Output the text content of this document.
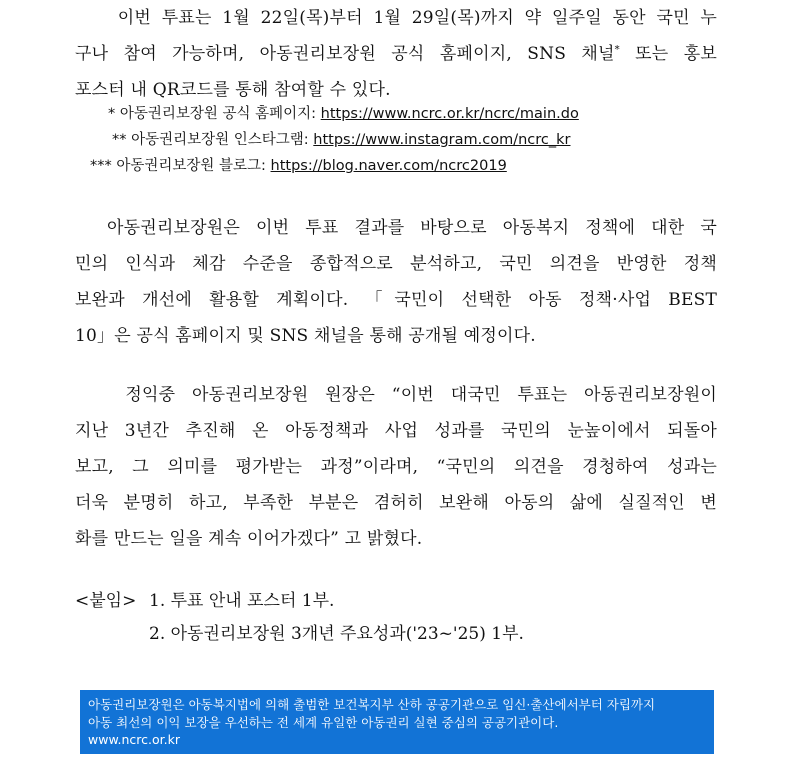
이번 투표는 1월 22일(목)부터 1월 29일(목)까지 약 일주일 동안 국민 누
구나 참여 가능하며, 아동권리보장원 공식 홈페이지, SNS 채널* 또는 홍보
포스터 내 QR코드를 통해 참여할 수 있다.
* 아동권리보장원 공식 홈페이지: https://www.ncrc.or.kr/ncrc/main.do
** 아동권리보장원 인스타그램: https://www.instagram.com/ncrc_kr
*** 아동권리보장원 블로그: https://blog.naver.com/ncrc2019
아동권리보장원은 이번 투표 결과를 바탕으로 아동복지 정책에 대한 국
민의 인식과 체감 수준을 종합적으로 분석하고, 국민 의견을 반영한 정책
보완과 개선에 활용할 계획이다. 「국민이 선택한 아동 정책·사업 BEST
10」은 공식 홈페이지 및 SNS 채널을 통해 공개될 예정이다.
정익중 아동권리보장원 원장은 “이번 대국민 투표는 아동권리보장원이
지난 3년간 추진해 온 아동정책과 사업 성과를 국민의 눈높이에서 되돌아
보고, 그 의미를 평가받는 과정”이라며, “국민의 의견을 경청하여 성과는
더욱 분명히 하고, 부족한 부분은 겸허히 보완해 아동의 삶에 실질적인 변
화를 만드는 일을 계속 이어가겠다” 고 밝혔다.
<붙임> 1. 투표 안내 포스터 1부.
2. 아동권리보장원 3개년 주요성과('23~'25) 1부.
아동권리보장원은 아동복지법에 의해 출범한 보건복지부 산하 공공기관으로 임신·출산에서부터 자립까지
아동 최선의 이익 보장을 우선하는 전 세계 유일한 아동권리 실현 중심의 공공기관이다.
www.ncrc.or.kr
